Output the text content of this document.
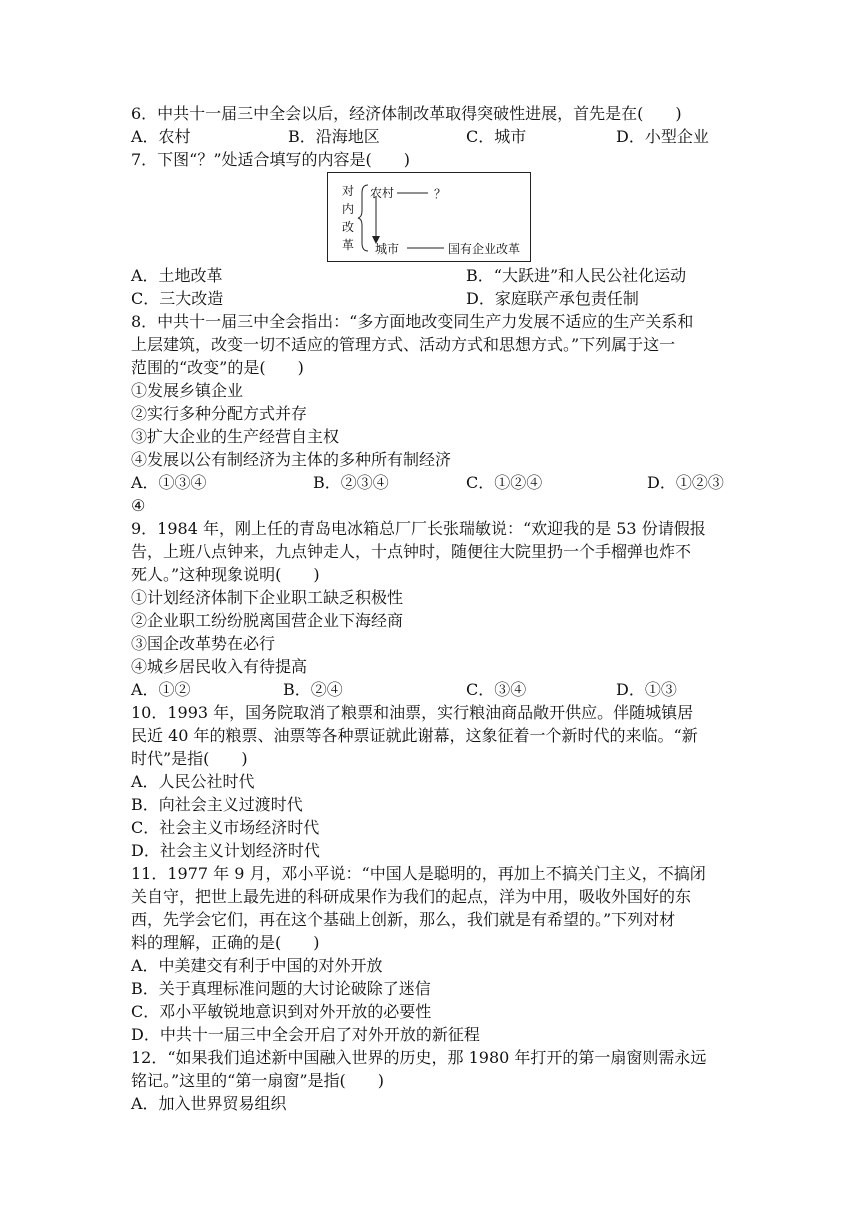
6．中共十一届三中全会以后，经济体制改革取得突破性进展，首先是在(　　)
A．农村	B．沿海地区	C．城市	D．小型企业
7．下图“？”处适合填写的内容是(　　)
对
内
改
革
农村	？
城市	国有企业改革
A．土地改革	B．“大跃进”和人民公社化运动
C．三大改造	D．家庭联产承包责任制
8．中共十一届三中全会指出：“多方面地改变同生产力发展不适应的生产关系和
上层建筑，改变一切不适应的管理方式、活动方式和思想方式。”下列属于这一
范围的“改变”的是(　　)
①发展乡镇企业
②实行多种分配方式并存
③扩大企业的生产经营自主权
④发展以公有制经济为主体的多种所有制经济
A．①③④	B．②③④	C．①②④	D．①②③
④
9．1984 年，刚上任的青岛电冰箱总厂厂长张瑞敏说：“欢迎我的是 53 份请假报
告，上班八点钟来，九点钟走人，十点钟时，随便往大院里扔一个手榴弹也炸不
死人。”这种现象说明(　　)
①计划经济体制下企业职工缺乏积极性
②企业职工纷纷脱离国营企业下海经商
③国企改革势在必行
④城乡居民收入有待提高
A．①②	B．②④	C．③④	D．①③
10．1993 年，国务院取消了粮票和油票，实行粮油商品敞开供应。伴随城镇居
民近 40 年的粮票、油票等各种票证就此谢幕，这象征着一个新时代的来临。“新
时代”是指(　　)
A．人民公社时代
B．向社会主义过渡时代
C．社会主义市场经济时代
D．社会主义计划经济时代
11．1977 年 9 月，邓小平说：“中国人是聪明的，再加上不搞关门主义，不搞闭
关自守，把世上最先进的科研成果作为我们的起点，洋为中用，吸收外国好的东
西，先学会它们，再在这个基础上创新，那么，我们就是有希望的。”下列对材
料的理解，正确的是(　　)
A．中美建交有利于中国的对外开放
B．关于真理标准问题的大讨论破除了迷信
C．邓小平敏锐地意识到对外开放的必要性
D．中共十一届三中全会开启了对外开放的新征程
12．“如果我们追述新中国融入世界的历史，那 1980 年打开的第一扇窗则需永远
铭记。”这里的“第一扇窗”是指(　　)
A．加入世界贸易组织
